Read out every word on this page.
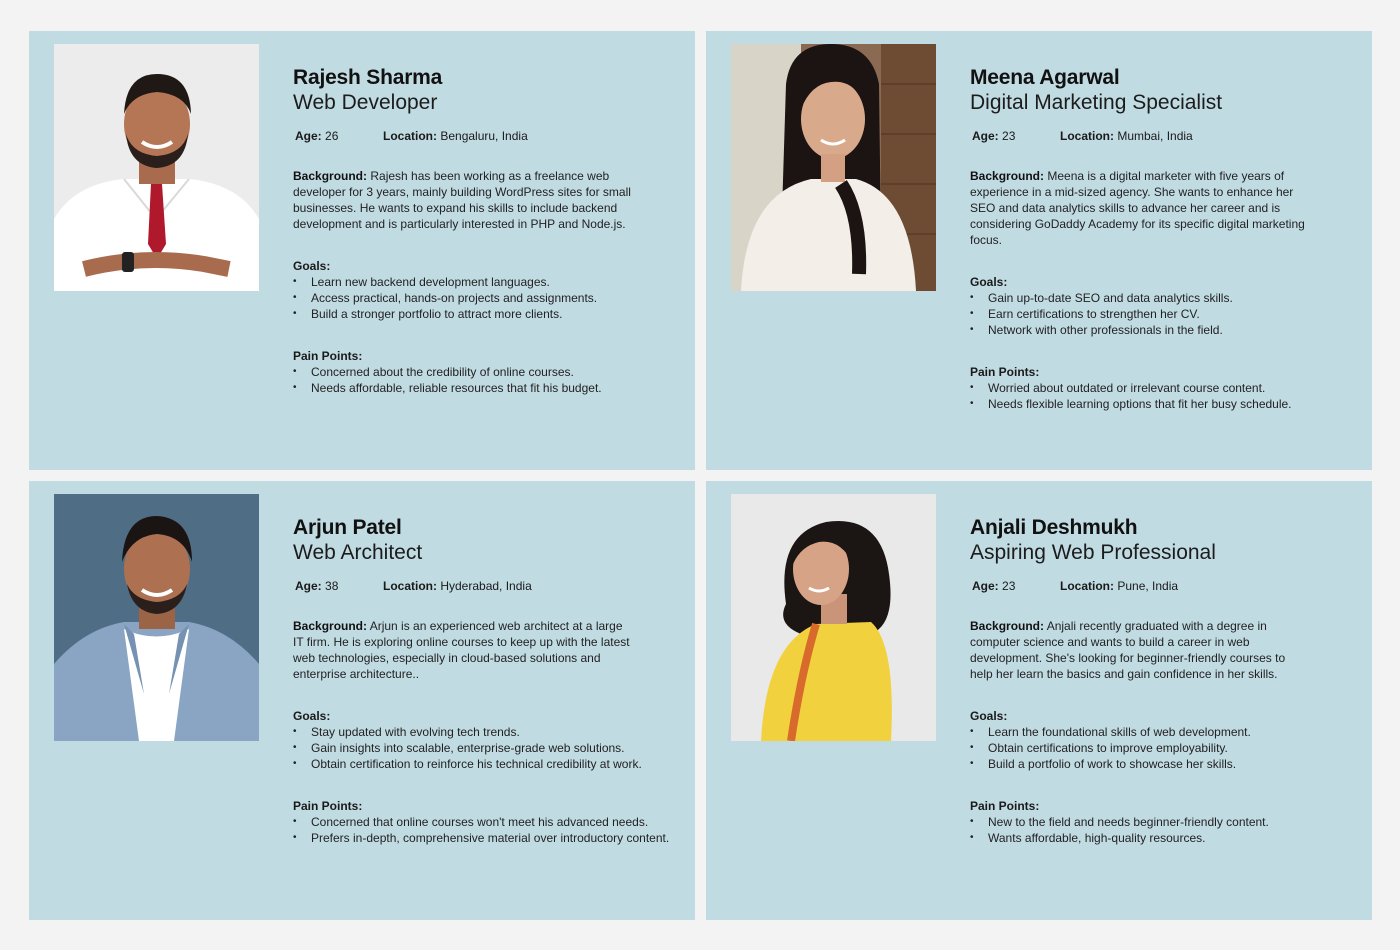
Rajesh Sharma
Web Developer
Age: 26	Location: Bengaluru, India
Background: Rajesh has been working as a freelance web developer for 3 years, mainly building WordPress sites for small businesses. He wants to expand his skills to include backend development and is particularly interested in PHP and Node.js.
Goals:
• Learn new backend development languages.
• Access practical, hands-on projects and assignments.
• Build a stronger portfolio to attract more clients.
Pain Points:
• Concerned about the credibility of online courses.
• Needs affordable, reliable resources that fit his budget.
Meena Agarwal
Digital Marketing Specialist
Age: 23	Location: Mumbai, India
Background: Meena is a digital marketer with five years of experience in a mid-sized agency. She wants to enhance her SEO and data analytics skills to advance her career and is considering GoDaddy Academy for its specific digital marketing focus.
Goals:
• Gain up-to-date SEO and data analytics skills.
• Earn certifications to strengthen her CV.
• Network with other professionals in the field.
Pain Points:
• Worried about outdated or irrelevant course content.
• Needs flexible learning options that fit her busy schedule.
Arjun Patel
Web Architect
Age: 38	Location: Hyderabad, India
Background: Arjun is an experienced web architect at a large IT firm. He is exploring online courses to keep up with the latest web technologies, especially in cloud-based solutions and enterprise architecture..
Goals:
• Stay updated with evolving tech trends.
• Gain insights into scalable, enterprise-grade web solutions.
• Obtain certification to reinforce his technical credibility at work.
Pain Points:
• Concerned that online courses won't meet his advanced needs.
• Prefers in-depth, comprehensive material over introductory content.
Anjali Deshmukh
Aspiring Web Professional
Age: 23	Location: Pune, India
Background: Anjali recently graduated with a degree in computer science and wants to build a career in web development. She's looking for beginner-friendly courses to help her learn the basics and gain confidence in her skills.
Goals:
• Learn the foundational skills of web development.
• Obtain certifications to improve employability.
• Build a portfolio of work to showcase her skills.
Pain Points:
• New to the field and needs beginner-friendly content.
• Wants affordable, high-quality resources.
